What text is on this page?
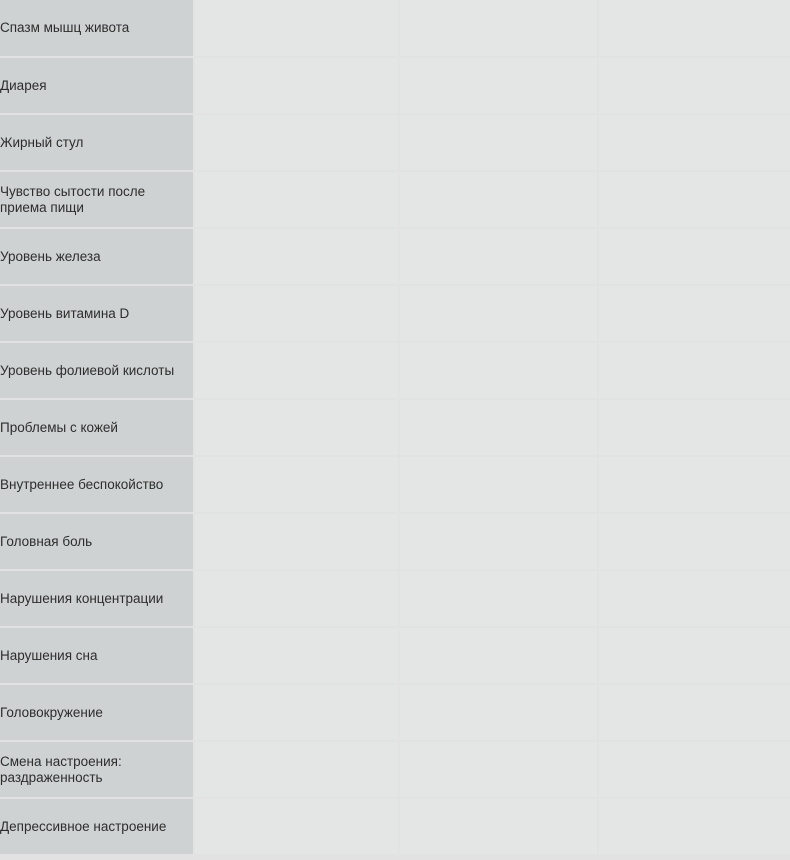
Спазм мышц живота			

Диарея			

Жирный стул			

Чувство сытости после приема пищи			

Уровень железа			

Уровень витамина D			

Уровень фолиевой кислоты			

Проблемы с кожей			

Внутреннее беспокойство			

Головная боль			

Нарушения концентрации			

Нарушения сна			

Головокружение			

Смена настроения: раздраженность			

Депрессивное настроение			
